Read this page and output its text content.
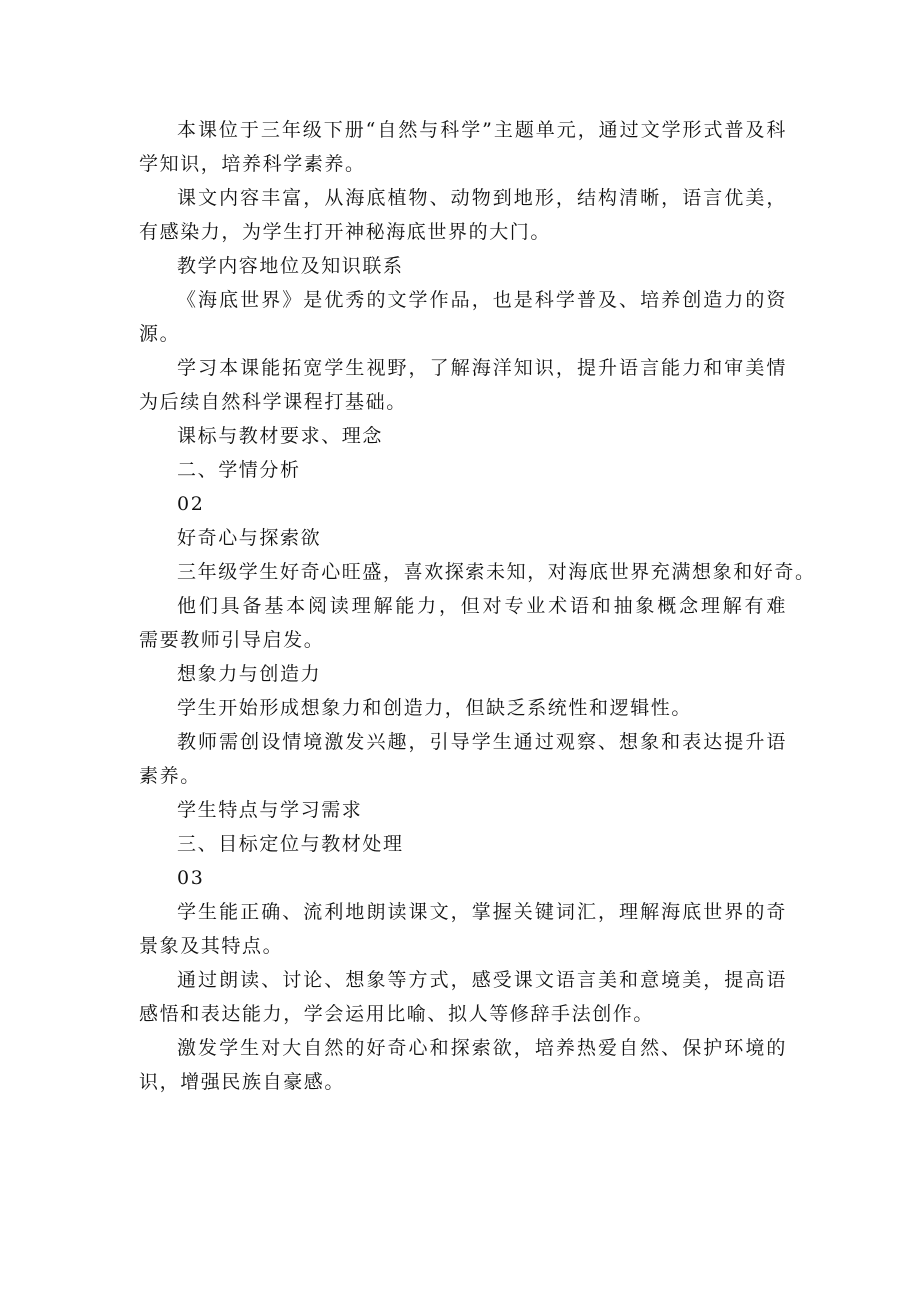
本课位于三年级下册“自然与科学”主题单元，通过文学形式普及科
学知识，培养科学素养。
课文内容丰富，从海底植物、动物到地形，结构清晰，语言优美，
有感染力，为学生打开神秘海底世界的大门。
教学内容地位及知识联系
《海底世界》是优秀的文学作品，也是科学普及、培养创造力的资
源。
学习本课能拓宽学生视野，了解海洋知识，提升语言能力和审美情
为后续自然科学课程打基础。
课标与教材要求、理念
二、学情分析
02
好奇心与探索欲
三年级学生好奇心旺盛，喜欢探索未知，对海底世界充满想象和好奇。
他们具备基本阅读理解能力，但对专业术语和抽象概念理解有难
需要教师引导启发。
想象力与创造力
学生开始形成想象力和创造力，但缺乏系统性和逻辑性。
教师需创设情境激发兴趣，引导学生通过观察、想象和表达提升语
素养。
学生特点与学习需求
三、目标定位与教材处理
03
学生能正确、流利地朗读课文，掌握关键词汇，理解海底世界的奇
景象及其特点。
通过朗读、讨论、想象等方式，感受课文语言美和意境美，提高语
感悟和表达能力，学会运用比喻、拟人等修辞手法创作。
激发学生对大自然的好奇心和探索欲，培养热爱自然、保护环境的
识，增强民族自豪感。
